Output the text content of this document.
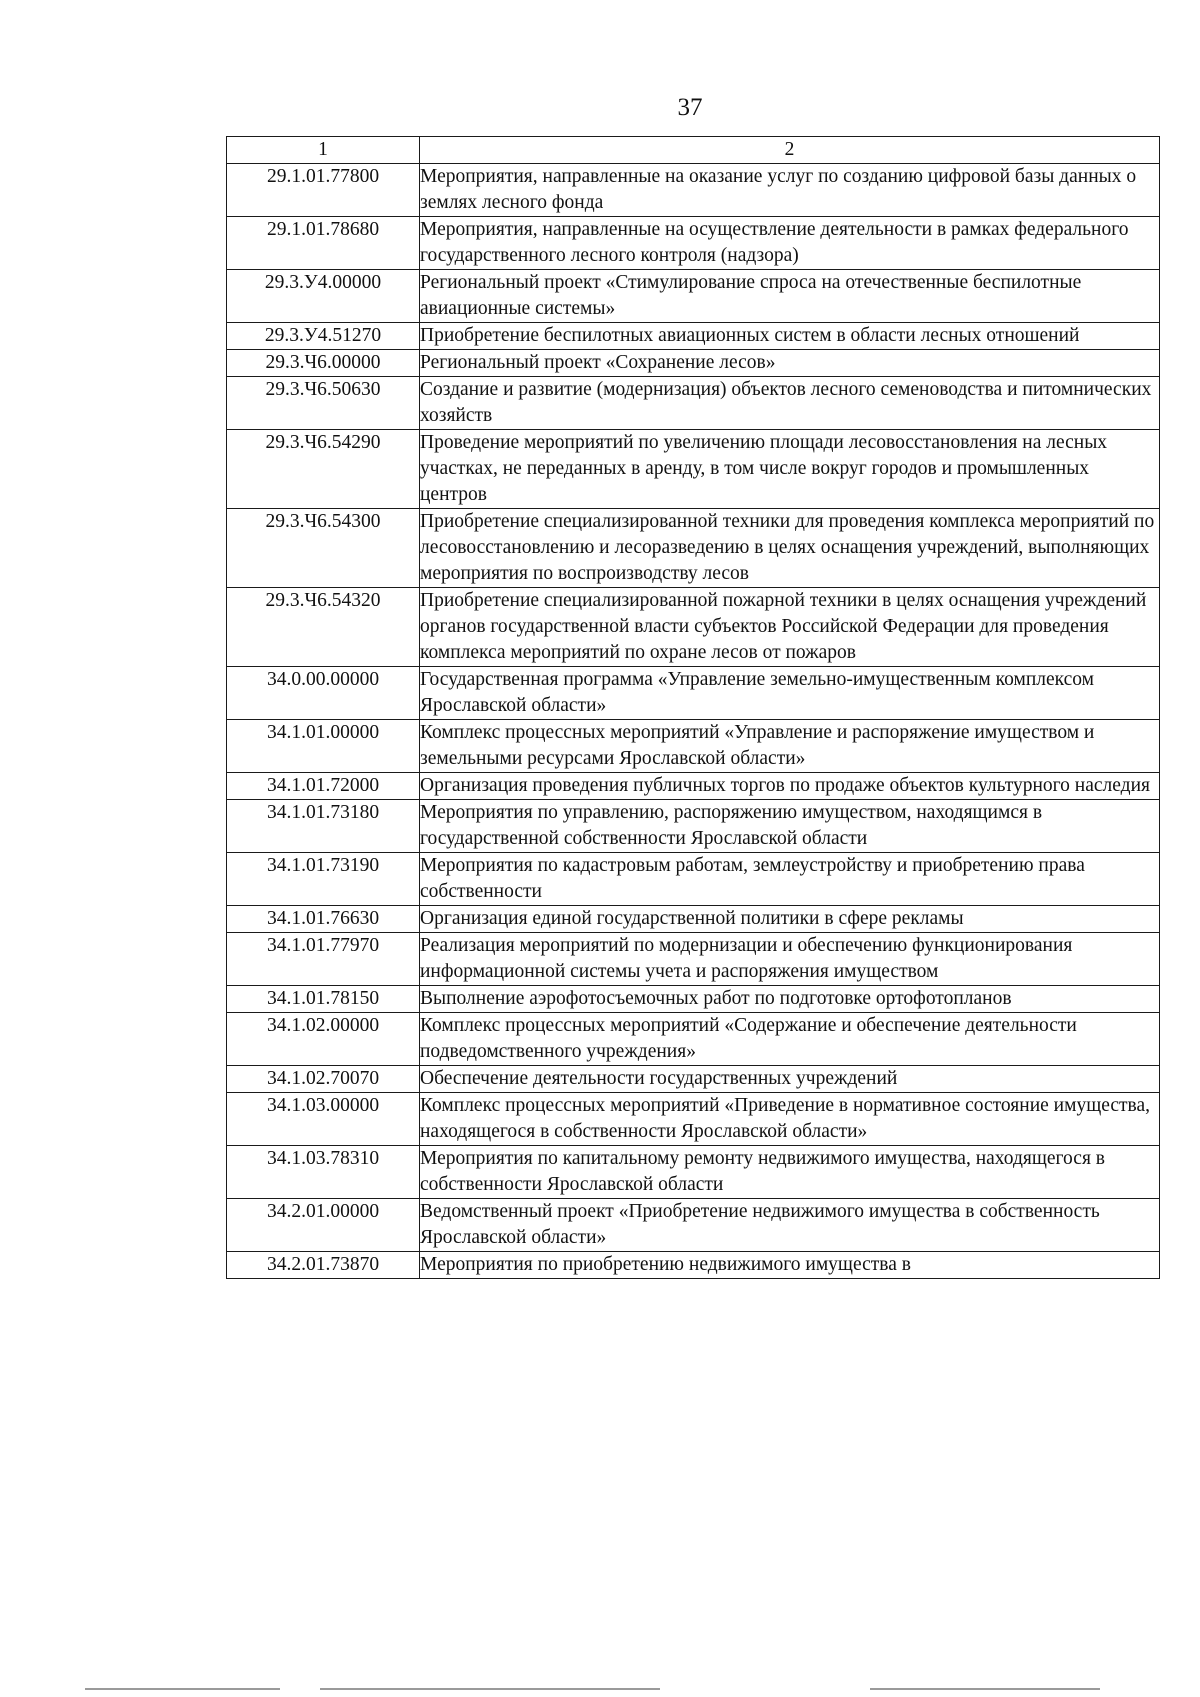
37
1	2
29.1.01.77800	Мероприятия, направленные на оказание услуг по созданию цифровой базы данных о землях лесного фонда
29.1.01.78680	Мероприятия, направленные на осуществление деятельности в рамках федерального государственного лесного контроля (надзора)
29.3.У4.00000	Региональный проект «Стимулирование спроса на отечественные беспилотные авиационные системы»
29.3.У4.51270	Приобретение беспилотных авиационных систем в области лесных отношений
29.3.Ч6.00000	Региональный проект «Сохранение лесов»
29.3.Ч6.50630	Создание и развитие (модернизация) объектов лесного семеноводства и питомнических хозяйств
29.3.Ч6.54290	Проведение мероприятий по увеличению площади лесовосстановления на лесных участках, не переданных в аренду, в том числе вокруг городов и промышленных центров
29.3.Ч6.54300	Приобретение специализированной техники для проведения комплекса мероприятий по лесовосстановлению и лесоразведению в целях оснащения учреждений, выполняющих мероприятия по воспроизводству лесов
29.3.Ч6.54320	Приобретение специализированной пожарной техники в целях оснащения учреждений органов государственной власти субъектов Российской Федерации для проведения комплекса мероприятий по охране лесов от пожаров
34.0.00.00000	Государственная программа «Управление земельно-имущественным комплексом Ярославской области»
34.1.01.00000	Комплекс процессных мероприятий «Управление и распоряжение имуществом и земельными ресурсами Ярославской области»
34.1.01.72000	Организация проведения публичных торгов по продаже объектов культурного наследия
34.1.01.73180	Мероприятия по управлению, распоряжению имуществом, находящимся в государственной собственности Ярославской области
34.1.01.73190	Мероприятия по кадастровым работам, землеустройству и приобретению права собственности
34.1.01.76630	Организация единой государственной политики в сфере рекламы
34.1.01.77970	Реализация мероприятий по модернизации и обеспечению функционирования информационной системы учета и распоряжения имуществом
34.1.01.78150	Выполнение аэрофотосъемочных работ по подготовке ортофотопланов
34.1.02.00000	Комплекс процессных мероприятий «Содержание и обеспечение деятельности подведомственного учреждения»
34.1.02.70070	Обеспечение деятельности государственных учреждений
34.1.03.00000	Комплекс процессных мероприятий «Приведение в нормативное состояние имущества, находящегося в собственности Ярославской области»
34.1.03.78310	Мероприятия по капитальному ремонту недвижимого имущества, находящегося в собственности Ярославской области
34.2.01.00000	Ведомственный проект «Приобретение недвижимого имущества в собственность Ярославской области»
34.2.01.73870	Мероприятия по приобретению недвижимого имущества в
